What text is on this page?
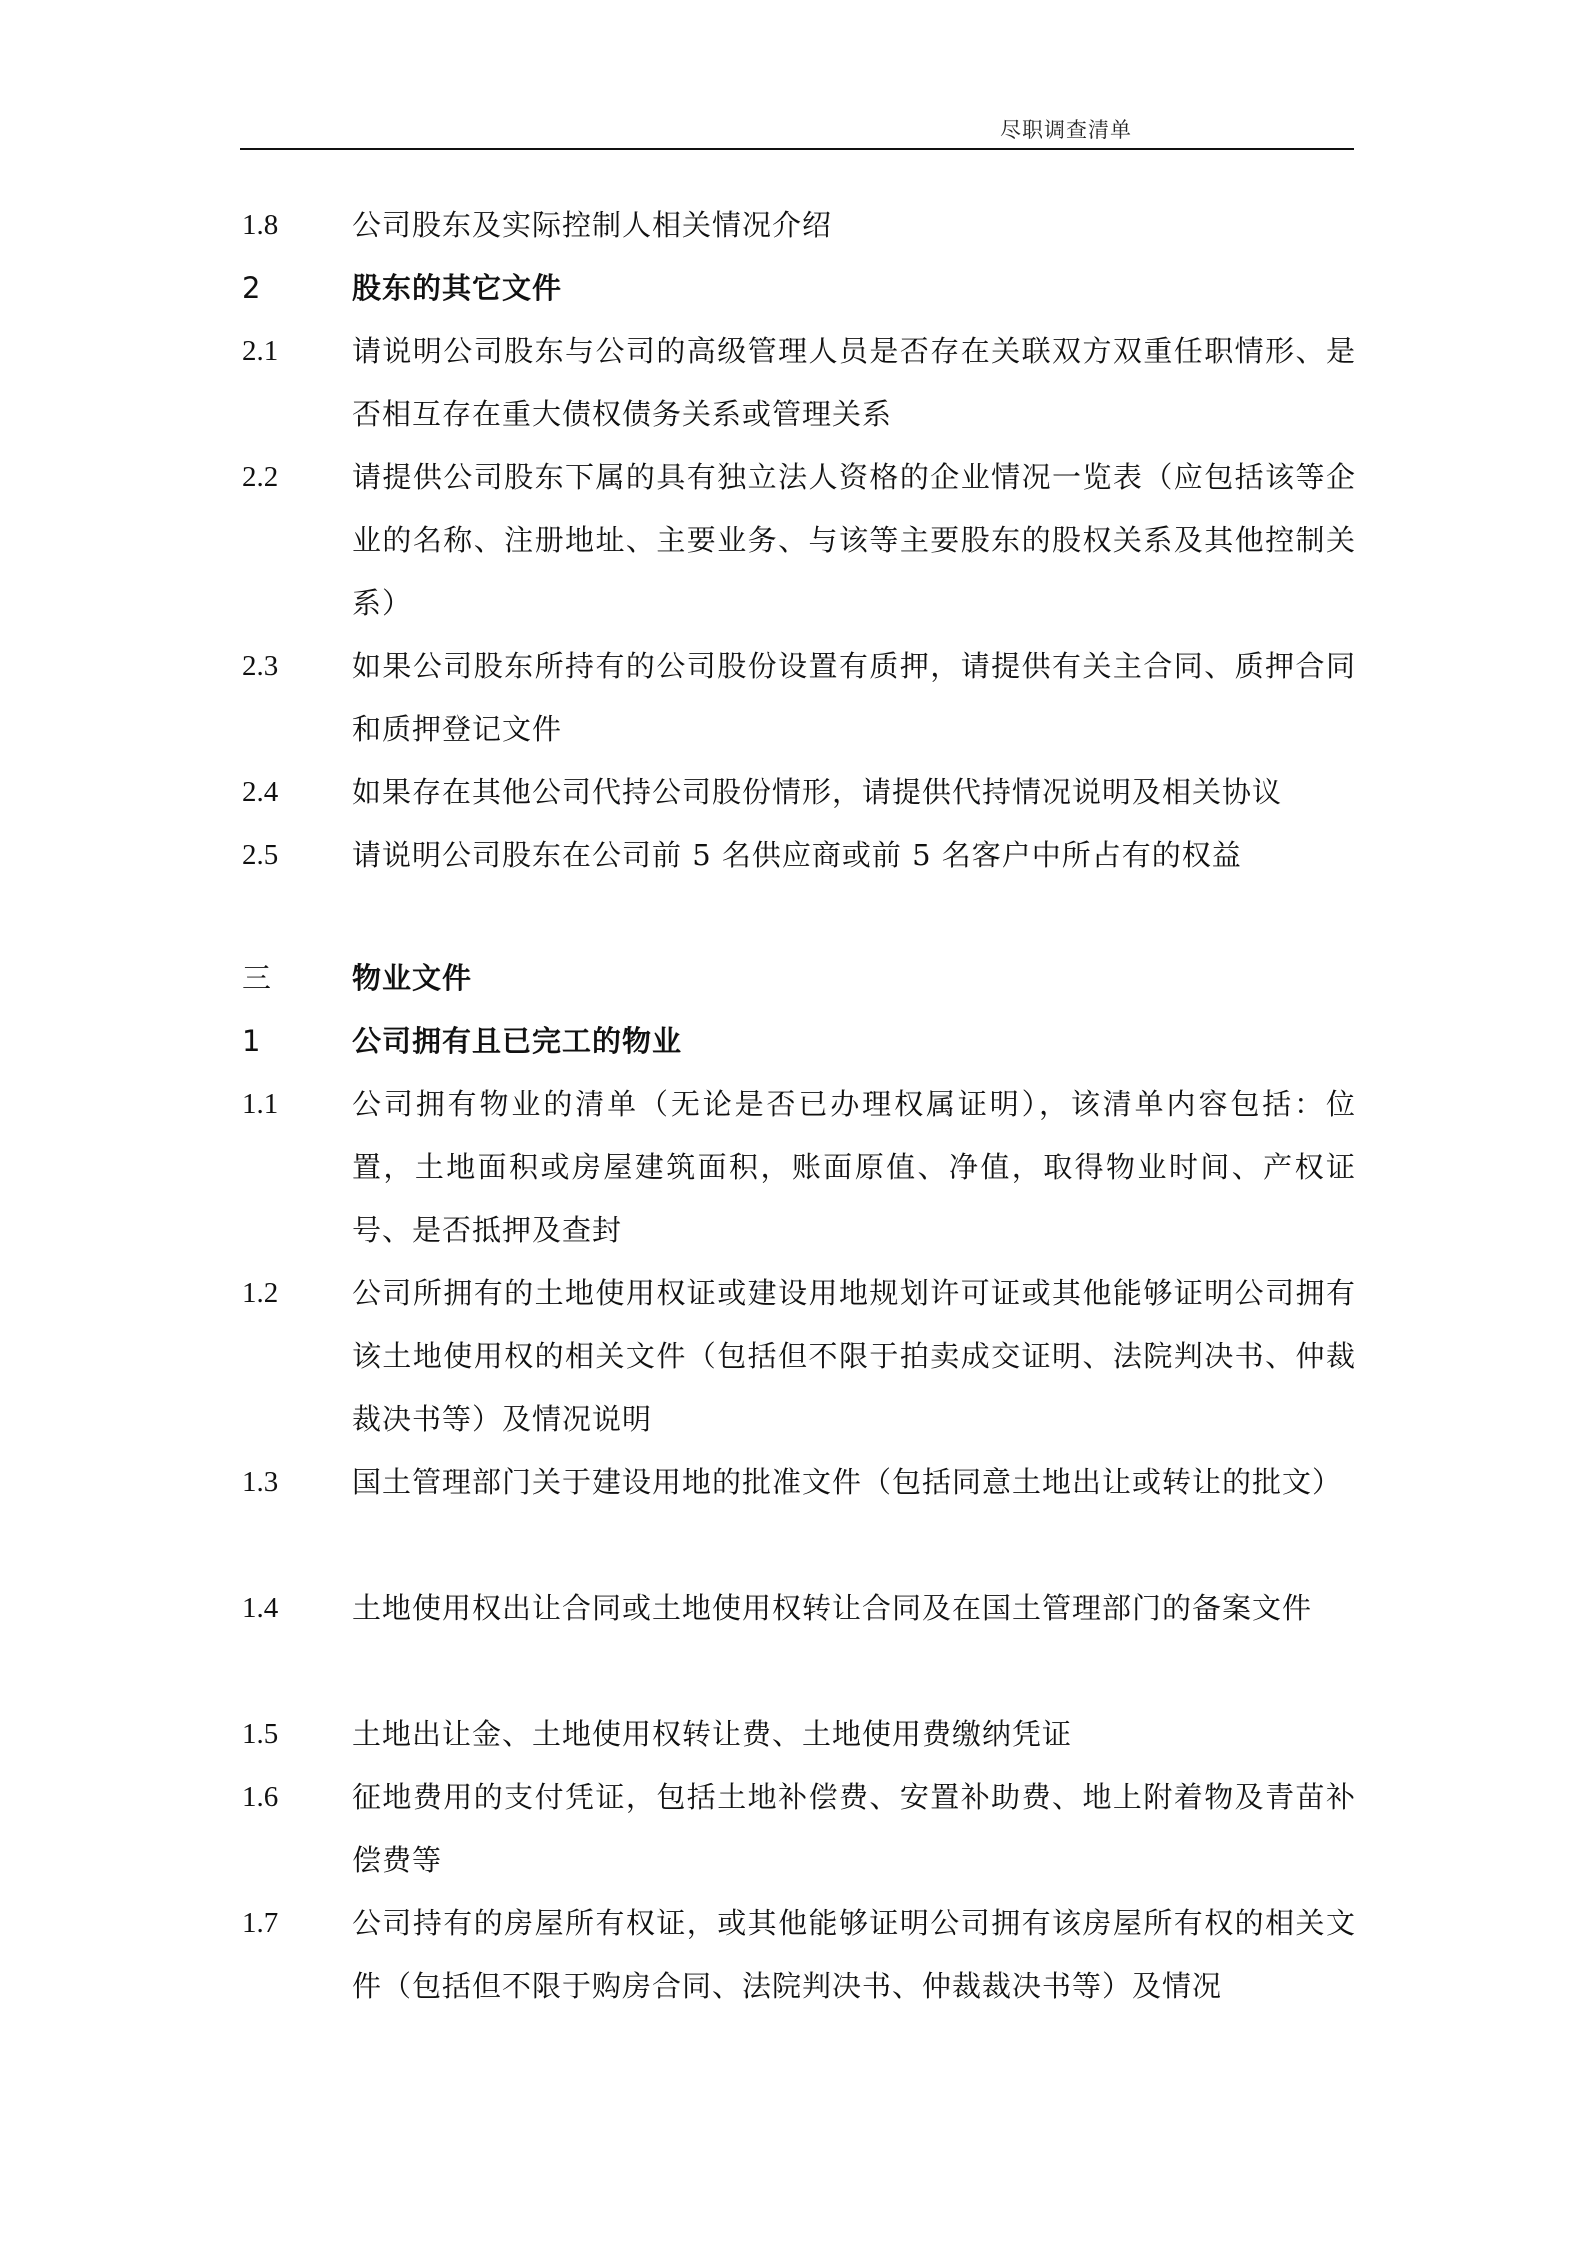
尽职调查清单
1.8	公司股东及实际控制人相关情况介绍
2	股东的其它文件
2.1	请说明公司股东与公司的高级管理人员是否存在关联双方双重任职情形、是否相互存在重大债权债务关系或管理关系
2.2	请提供公司股东下属的具有独立法人资格的企业情况一览表（应包括该等企业的名称、注册地址、主要业务、与该等主要股东的股权关系及其他控制关系）
2.3	如果公司股东所持有的公司股份设置有质押，请提供有关主合同、质押合同和质押登记文件
2.4	如果存在其他公司代持公司股份情形，请提供代持情况说明及相关协议
2.5	请说明公司股东在公司前 5 名供应商或前 5 名客户中所占有的权益
三	物业文件
1	公司拥有且已完工的物业
1.1	公司拥有物业的清单（无论是否已办理权属证明），该清单内容包括：位置，土地面积或房屋建筑面积，账面原值、净值，取得物业时间、产权证号、是否抵押及查封
1.2	公司所拥有的土地使用权证或建设用地规划许可证或其他能够证明公司拥有该土地使用权的相关文件（包括但不限于拍卖成交证明、法院判决书、仲裁裁决书等）及情况说明
1.3	国土管理部门关于建设用地的批准文件（包括同意土地出让或转让的批文）
1.4	土地使用权出让合同或土地使用权转让合同及在国土管理部门的备案文件
1.5	土地出让金、土地使用权转让费、土地使用费缴纳凭证
1.6	征地费用的支付凭证，包括土地补偿费、安置补助费、地上附着物及青苗补偿费等
1.7	公司持有的房屋所有权证，或其他能够证明公司拥有该房屋所有权的相关文件（包括但不限于购房合同、法院判决书、仲裁裁决书等）及情况
